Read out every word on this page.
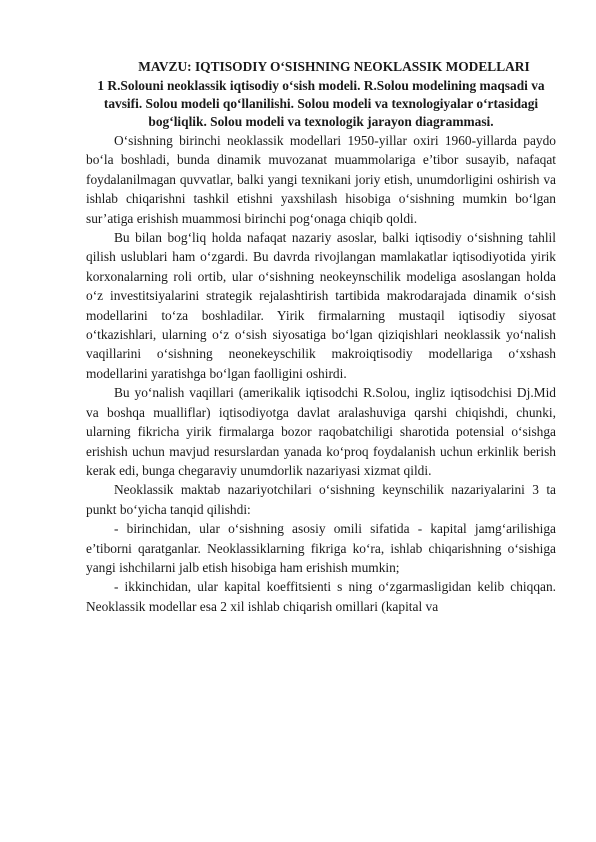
MAVZU: IQTISODIY O‘SISHNING NEOKLASSIK MODELLARI

1 R.Solouni neoklassik iqtisodiy o‘sish modeli. R.Solou modelining maqsadi va tavsifi. Solou modeli qo‘llanilishi. Solou modeli va texnologiyalar o‘rtasidagi bog‘liqlik. Solou modeli va texnologik jarayon diagrammasi.

O‘sishning birinchi neoklassik modellari 1950-yillar oxiri 1960-yillarda paydo bo‘la boshladi, bunda dinamik muvozanat muammolariga e’tibor susayib, nafaqat foydalanilmagan quvvatlar, balki yangi texnikani joriy etish, unumdorligini oshirish va ishlab chiqarishni tashkil etishni yaxshilash hisobiga o‘sishning mumkin bo‘lgan sur’atiga erishish muammosi birinchi pog‘onaga chiqib qoldi.

Bu bilan bog‘liq holda nafaqat nazariy asoslar, balki iqtisodiy o‘sishning tahlil qilish uslublari ham o‘zgardi. Bu davrda rivojlangan mamlakatlar iqtisodiyotida yirik korxonalarning roli ortib, ular o‘sishning neokeynschilik modeliga asoslangan holda o‘z investitsiyalarini strategik rejalashtirish tartibida makrodarajada dinamik o‘sish modellarini to‘za boshladilar. Yirik firmalarning mustaqil iqtisodiy siyosat o‘tkazishlari, ularning o‘z o‘sish siyosatiga bo‘lgan qiziqishlari neoklassik yo‘nalish vaqillarini o‘sishning neonekeyschilik makroiqtisodiy modellariga o‘xshash modellarini yaratishga bo‘lgan faolligini oshirdi.

Bu yo‘nalish vaqillari (amerikalik iqtisodchi R.Solou, ingliz iqtisodchisi Dj.Mid va boshqa mualliflar) iqtisodiyotga davlat aralashuviga qarshi chiqishdi, chunki, ularning fikricha yirik firmalarga bozor raqobatchiligi sharotida potensial o‘sishga erishish uchun mavjud resurslardan yanada ko‘proq foydalanish uchun erkinlik berish kerak edi, bunga chegaraviy unumdorlik nazariyasi xizmat qildi.

Neoklassik maktab nazariyotchilari o‘sishning keynschilik nazariyalarini 3 ta punkt bo‘yicha tanqid qilishdi:

- birinchidan, ular o‘sishning asosiy omili sifatida - kapital jamg‘arilishiga e’tiborni qaratganlar. Neoklassiklarning fikriga ko‘ra, ishlab chiqarishning o‘sishiga yangi ishchilarni jalb etish hisobiga ham erishish mumkin;

- ikkinchidan, ular kapital koeffitsienti s ning o‘zgarmasligidan kelib chiqqan. Neoklassik modellar esa 2 xil ishlab chiqarish omillari (kapital va
